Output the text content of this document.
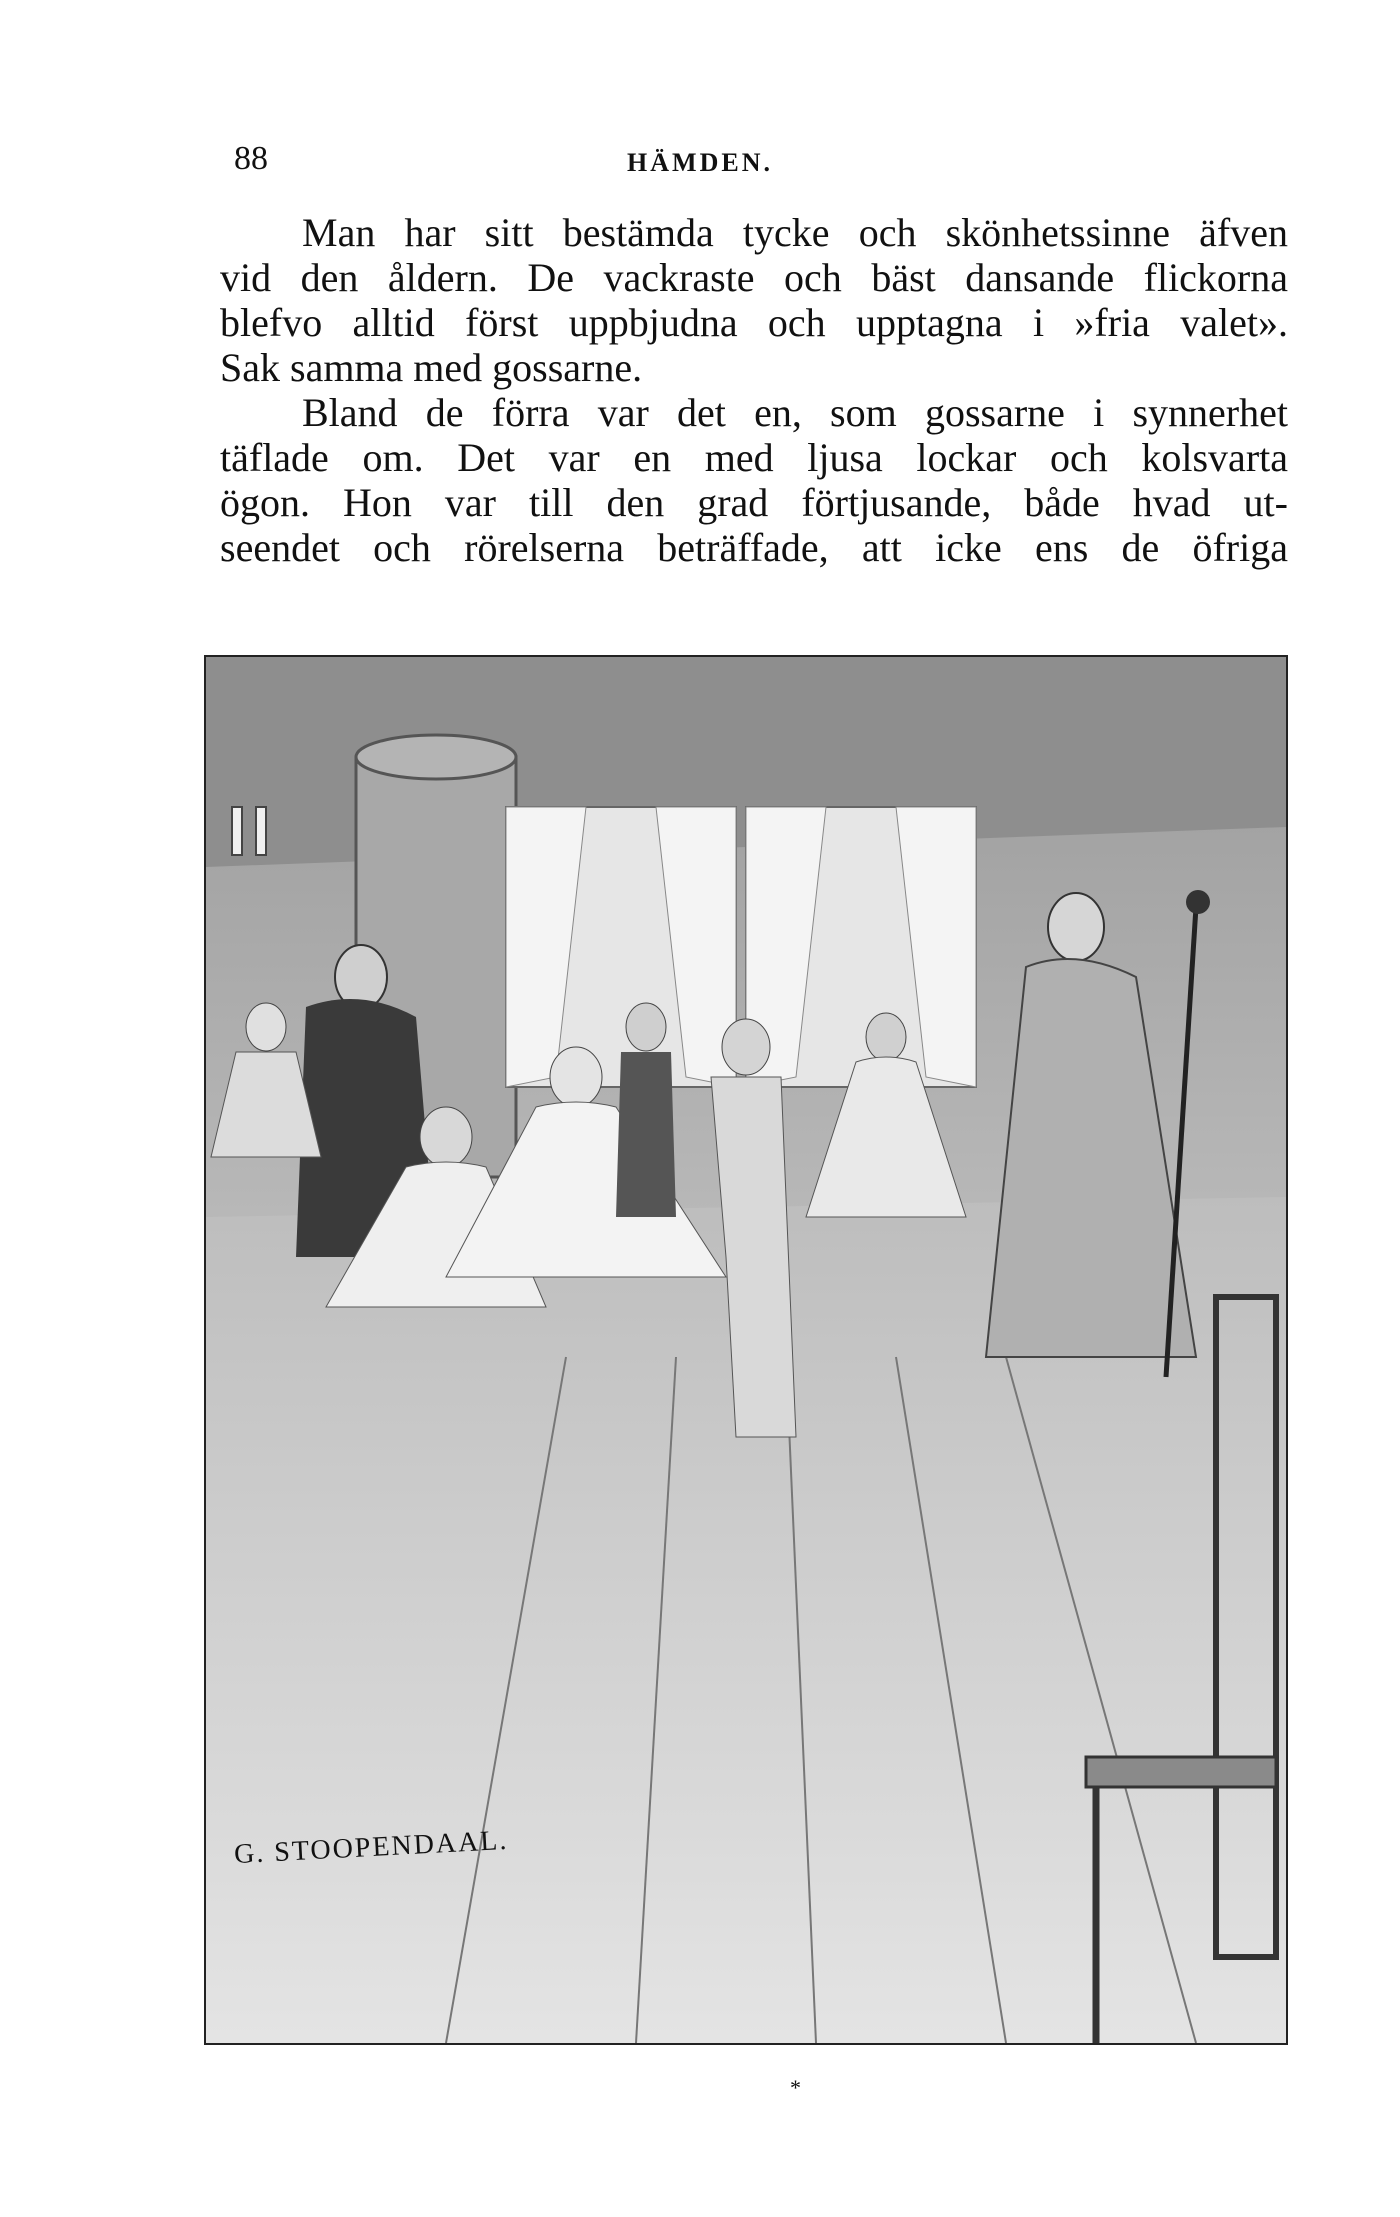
88	HÄMDEN.
Man har sitt bestämda tycke och skönhetssinne äfven
vid den åldern. De vackraste och bäst dansande flickorna
blefvo alltid först uppbjudna och upptagna i »fria valet».
Sak samma med gossarne.
Bland de förra var det en, som gossarne i synnerhet
täflade om. Det var en med ljusa lockar och kolsvarta
ögon. Hon var till den grad förtjusande, både hvad ut-
seendet och rörelserna beträffade, att icke ens de öfriga
G. STOOPENDAAL.
*
